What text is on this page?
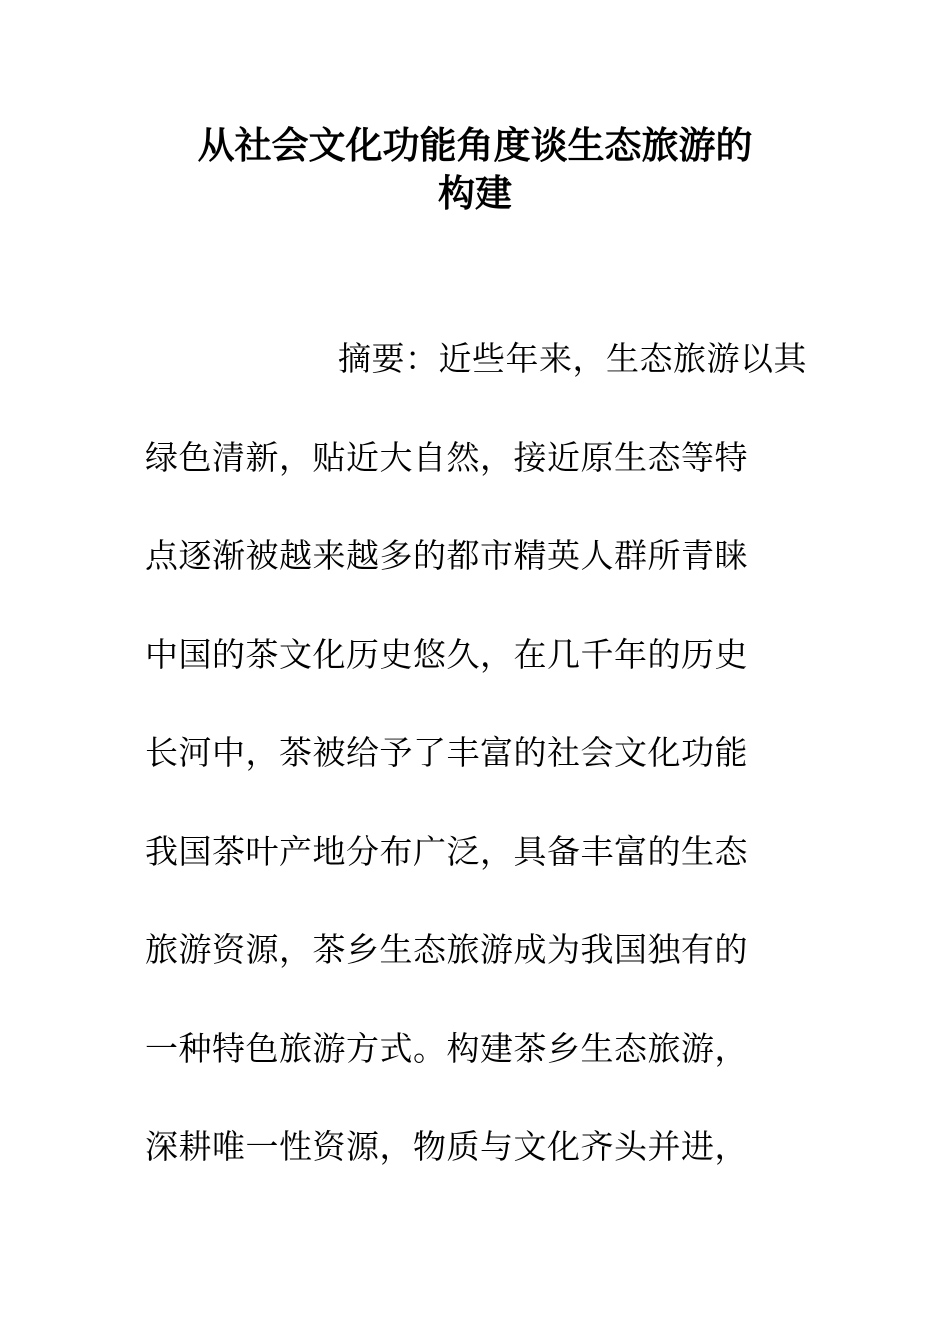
从社会文化功能角度谈生态旅游的
构建
摘要：近些年来，生态旅游以其
绿色清新，贴近大自然，接近原生态等特
点逐渐被越来越多的都市精英人群所青睐
中国的茶文化历史悠久，在几千年的历史
长河中，茶被给予了丰富的社会文化功能
我国茶叶产地分布广泛，具备丰富的生态
旅游资源，茶乡生态旅游成为我国独有的
一种特色旅游方式。构建茶乡生态旅游，
深耕唯一性资源，物质与文化齐头并进，
